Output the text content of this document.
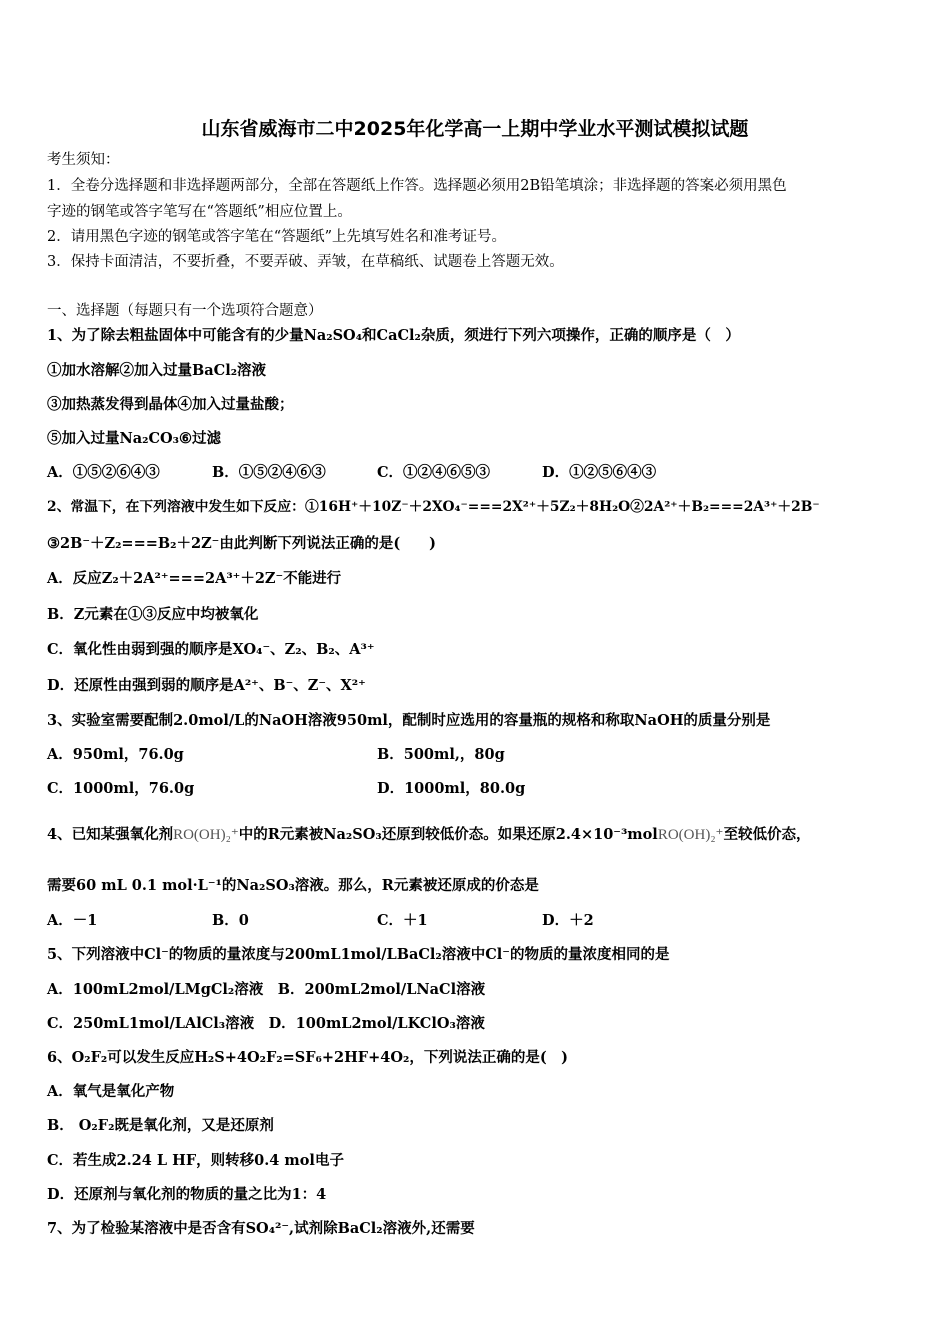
山东省威海市二中2025年化学高一上期中学业水平测试模拟试题
考生须知：
1．全卷分选择题和非选择题两部分，全部在答题纸上作答。选择题必须用2B铅笔填涂；非选择题的答案必须用黑色
字迹的钢笔或答字笔写在“答题纸”相应位置上。
2．请用黑色字迹的钢笔或答字笔在“答题纸”上先填写姓名和准考证号。
3．保持卡面清洁，不要折叠，不要弄破、弄皱，在草稿纸、试题卷上答题无效。
一、选择题（每题只有一个选项符合题意）
1、为了除去粗盐固体中可能含有的少量Na₂SO₄和CaCl₂杂质，须进行下列六项操作，正确的顺序是（　）
①加水溶解②加入过量BaCl₂溶液
③加热蒸发得到晶体④加入过量盐酸；
⑤加入过量Na₂CO₃⑥过滤
A．①⑤②⑥④③	B．①⑤②④⑥③	C．①②④⑥⑤③	D．①②⑤⑥④③
2、常温下，在下列溶液中发生如下反应：①16H⁺＋10Z⁻＋2XO₄⁻===2X²⁺＋5Z₂＋8H₂O②2A²⁺＋B₂===2A³⁺＋2B⁻
③2B⁻＋Z₂===B₂＋2Z⁻由此判断下列说法正确的是(　　)
A．反应Z₂＋2A²⁺===2A³⁺＋2Z⁻不能进行
B．Z元素在①③反应中均被氧化
C．氧化性由弱到强的顺序是XO₄⁻、Z₂、B₂、A³⁺
D．还原性由强到弱的顺序是A²⁺、B⁻、Z⁻、X²⁺
3、实验室需要配制2.0mol/L的NaOH溶液950ml，配制时应选用的容量瓶的规格和称取NaOH的质量分别是
A．950ml，76.0g	B．500ml,，80g
C．1000ml，76.0g	D．1000ml，80.0g
4、已知某强氧化剂RO(OH)₂⁺中的R元素被Na₂SO₃还原到较低价态。如果还原2.4×10⁻³molRO(OH)₂⁺至较低价态，
需要60 mL 0.1 mol·L⁻¹的Na₂SO₃溶液。那么，R元素被还原成的价态是
A．－1	B．0	C．＋1	D．＋2
5、下列溶液中Cl⁻的物质的量浓度与200mL1mol/LBaCl₂溶液中Cl⁻的物质的量浓度相同的是
A．100mL2mol/LMgCl₂溶液　B．200mL2mol/LNaCl溶液
C．250mL1mol/LAlCl₃溶液　D．100mL2mol/LKClO₃溶液
6、O₂F₂可以发生反应H₂S+4O₂F₂=SF₆+2HF+4O₂，下列说法正确的是(　)
A．氧气是氧化产物
B． O₂F₂既是氧化剂，又是还原剂
C．若生成2.24 L HF，则转移0.4 mol电子
D．还原剂与氧化剂的物质的量之比为1：4
7、为了检验某溶液中是否含有SO₄²⁻,试剂除BaCl₂溶液外,还需要
